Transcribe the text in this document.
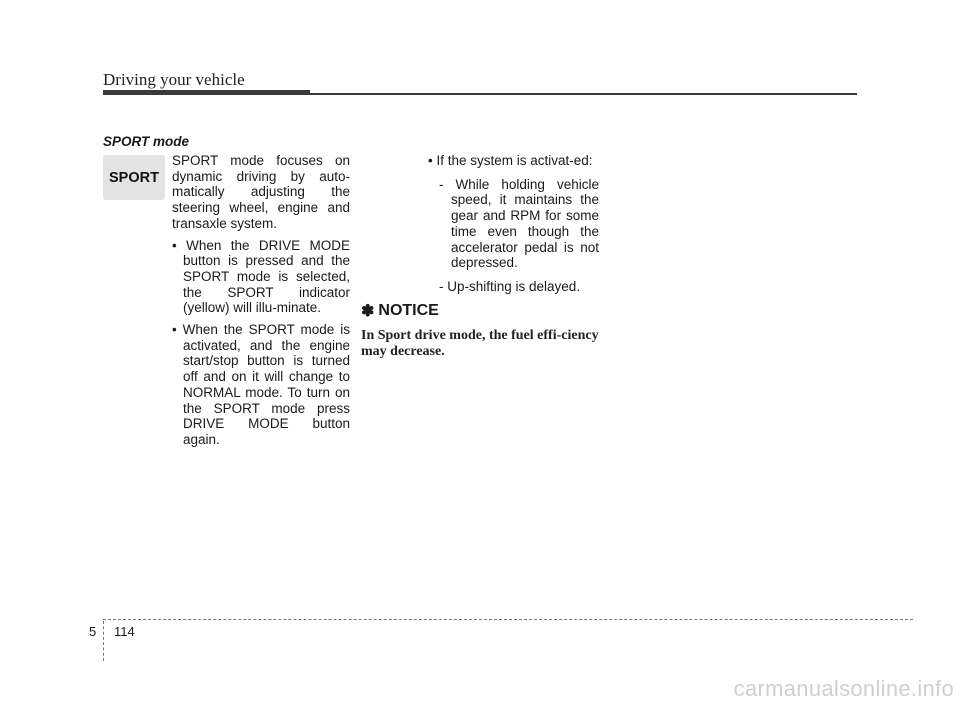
Driving your vehicle
SPORT mode
SPORT

SPORT mode focuses on dynamic driving by auto-matically adjusting the steering wheel, engine and transaxle system.

• When the DRIVE MODE button is pressed and the SPORT mode is selected, the SPORT indicator (yellow) will illu-minate.

• When the SPORT mode is activated, and the engine start/stop button is turned off and on it will change to NORMAL mode. To turn on the SPORT mode press DRIVE MODE button again.

• If the system is activat-ed:

- While holding vehicle speed, it maintains the gear and RPM for some time even though the accelerator pedal is not depressed.

- Up-shifting is delayed.

✽ NOTICE

In Sport drive mode, the fuel effi-ciency may decrease.

5 114
carmanualsonline.info
